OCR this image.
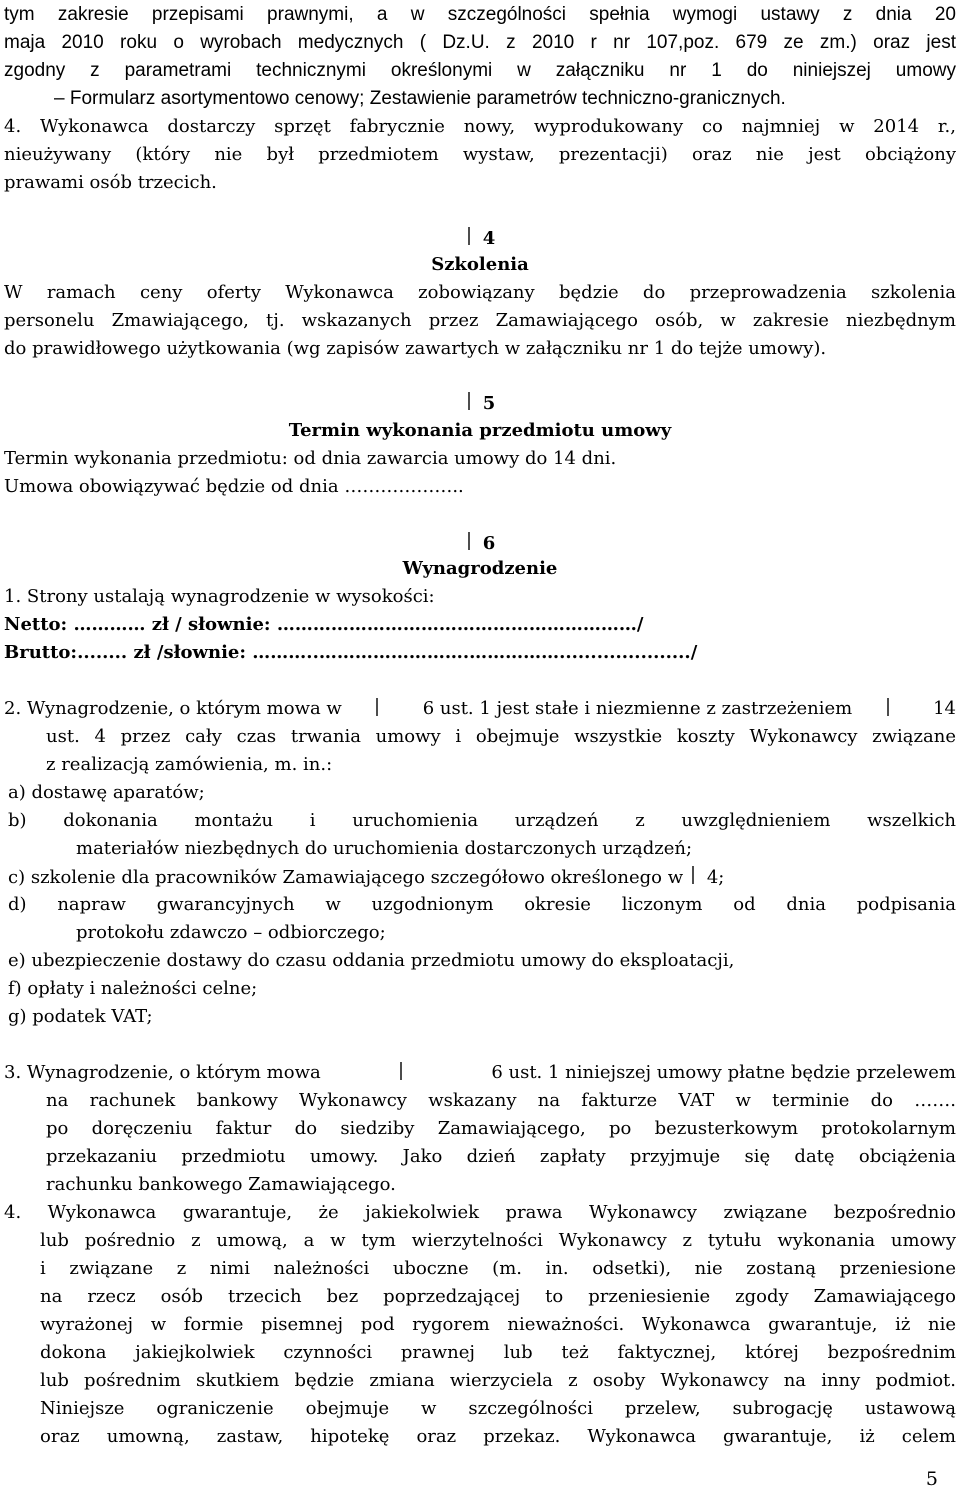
tym zakresie przepisami prawnymi, a w szczególności spełnia wymogi ustawy z dnia 20
maja 2010 roku o wyrobach medycznych ( Dz.U. z 2010 r nr 107,poz. 679 ze zm.) oraz jest
zgodny z parametrami technicznymi określonymi w załączniku nr 1 do niniejszej umowy
– Formularz asortymentowo cenowy; Zestawienie parametrów techniczno-granicznych.
4. Wykonawca dostarczy sprzęt fabrycznie nowy, wyprodukowany co najmniej w 2014 r.,
nieużywany (który nie był przedmiotem wystaw, prezentacji) oraz nie jest obciążony
prawami osób trzecich.
4
Szkolenia
W ramach ceny oferty Wykonawca zobowiązany będzie do przeprowadzenia szkolenia
personelu Zmawiającego, tj. wskazanych przez Zamawiającego osób, w zakresie niezbędnym
do prawidłowego użytkowania (wg zapisów zawartych w załączniku nr 1 do tejże umowy).
5
Termin wykonania przedmiotu umowy
Termin wykonania przedmiotu: od dnia zawarcia umowy do 14 dni.
Umowa obowiązywać będzie od dnia ………………..
6
Wynagrodzenie
1. Strony ustalają wynagrodzenie w wysokości:
Netto: ………… zł / słownie: ……………………………………………………/
Brutto:........ zł /słownie: ………..…………………….……………...................../
2. Wynagrodzenie, o którym mowa w	6 ust. 1 jest stałe i niezmienne z zastrzeżeniem	14
ust. 4 przez cały czas trwania umowy i obejmuje wszystkie koszty Wykonawcy związane
z realizacją zamówienia, m. in.:
a) dostawę aparatów;
b) dokonania montażu i uruchomienia urządzeń z uwzględnieniem wszelkich
materiałów niezbędnych do uruchomienia dostarczonych urządzeń;
c) szkolenie dla pracowników Zamawiającego szczegółowo określonego w 4;
d) napraw gwarancyjnych w uzgodnionym okresie liczonym od dnia podpisania
protokołu zdawczo – odbiorczego;
e) ubezpieczenie dostawy do czasu oddania przedmiotu umowy do eksploatacji,
f) opłaty i należności celne;
g) podatek VAT;
3. Wynagrodzenie, o którym mowa	6 ust. 1 niniejszej umowy płatne będzie przelewem
na rachunek bankowy Wykonawcy wskazany na fakturze VAT w terminie do …….
po doręczeniu faktur do siedziby Zamawiającego, po bezusterkowym protokolarnym
przekazaniu przedmiotu umowy. Jako dzień zapłaty przyjmuje się datę obciążenia
rachunku bankowego Zamawiającego.
4. Wykonawca gwarantuje, że jakiekolwiek prawa Wykonawcy związane bezpośrednio
lub pośrednio z umową, a w tym wierzytelności Wykonawcy z tytułu wykonania umowy
i związane z nimi należności uboczne (m. in. odsetki), nie zostaną przeniesione
na rzecz osób trzecich bez poprzedzającej to przeniesienie zgody Zamawiającego
wyrażonej w formie pisemnej pod rygorem nieważności. Wykonawca gwarantuje, iż nie
dokona jakiejkolwiek czynności prawnej lub też faktycznej, której bezpośrednim
lub pośrednim skutkiem będzie zmiana wierzyciela z osoby Wykonawcy na inny podmiot.
Niniejsze ograniczenie obejmuje w szczególności przelew, subrogację ustawową
oraz umowną, zastaw, hipotekę oraz przekaz. Wykonawca gwarantuje, iż celem
5
